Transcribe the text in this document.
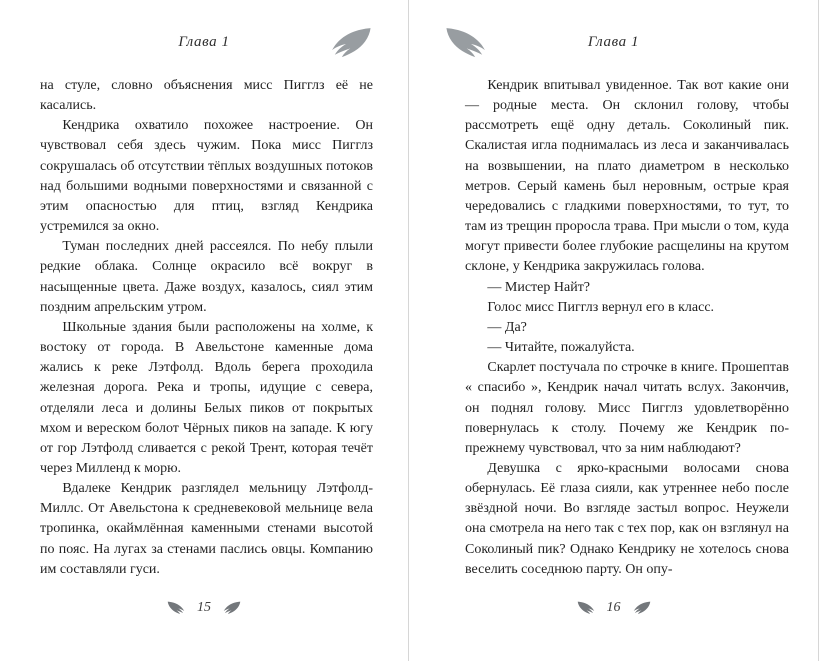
Глава 1

на стуле, словно объяснения мисс Пигглз её не касались.

Кендрика охватило похожее настроение. Он чувствовал себя здесь чужим. Пока мисс Пигглз сокрушалась об отсутствии тёплых воздушных потоков над большими водными поверхностями и связанной с этим опасностью для птиц, взгляд Кендрика устремился за окно.

Туман последних дней рассеялся. По небу плыли редкие облака. Солнце окрасило всё вокруг в насыщенные цвета. Даже воздух, казалось, сиял этим поздним апрельским утром.

Школьные здания были расположены на холме, к востоку от города. В Авельстоне каменные дома жались к реке Лэтфолд. Вдоль берега проходила железная дорога. Река и тропы, идущие с севера, отделяли леса и долины Белых пиков от покрытых мхом и вереском болот Чёрных пиков на западе. К югу от гор Лэтфолд сливается с рекой Трент, которая течёт через Милленд к морю.

Вдалеке Кендрик разглядел мельницу Лэтфолд-Миллс. От Авельстона к средневековой мельнице вела тропинка, окаймлённая каменными стенами высотой по пояс. На лугах за стенами паслись овцы. Компанию им составляли гуси.

15
Глава 1

Кендрик впитывал увиденное. Так вот какие они — родные места. Он склонил голову, чтобы рассмотреть ещё одну деталь. Соколиный пик. Скалистая игла поднималась из леса и заканчивалась на возвышении, на плато диаметром в несколько метров. Серый камень был неровным, острые края чередовались с гладкими поверхностями, то тут, то там из трещин проросла трава. При мысли о том, куда могут привести более глубокие расщелины на крутом склоне, у Кендрика закружилась голова.

— Мистер Найт?

Голос мисс Пигглз вернул его в класс.

— Да?

— Читайте, пожалуйста.

Скарлет постучала по строчке в книге. Прошептав « спасибо », Кендрик начал читать вслух. Закончив, он поднял голову. Мисс Пигглз удовлетворённо повернулась к столу. Почему же Кендрик по-прежнему чувствовал, что за ним наблюдают?

Девушка с ярко-красными волосами снова обернулась. Её глаза сияли, как утреннее небо после звёздной ночи. Во взгляде застыл вопрос. Неужели она смотрела на него так с тех пор, как он взглянул на Соколиный пик? Однако Кендрику не хотелось снова веселить соседнюю парту. Он опу-

16
